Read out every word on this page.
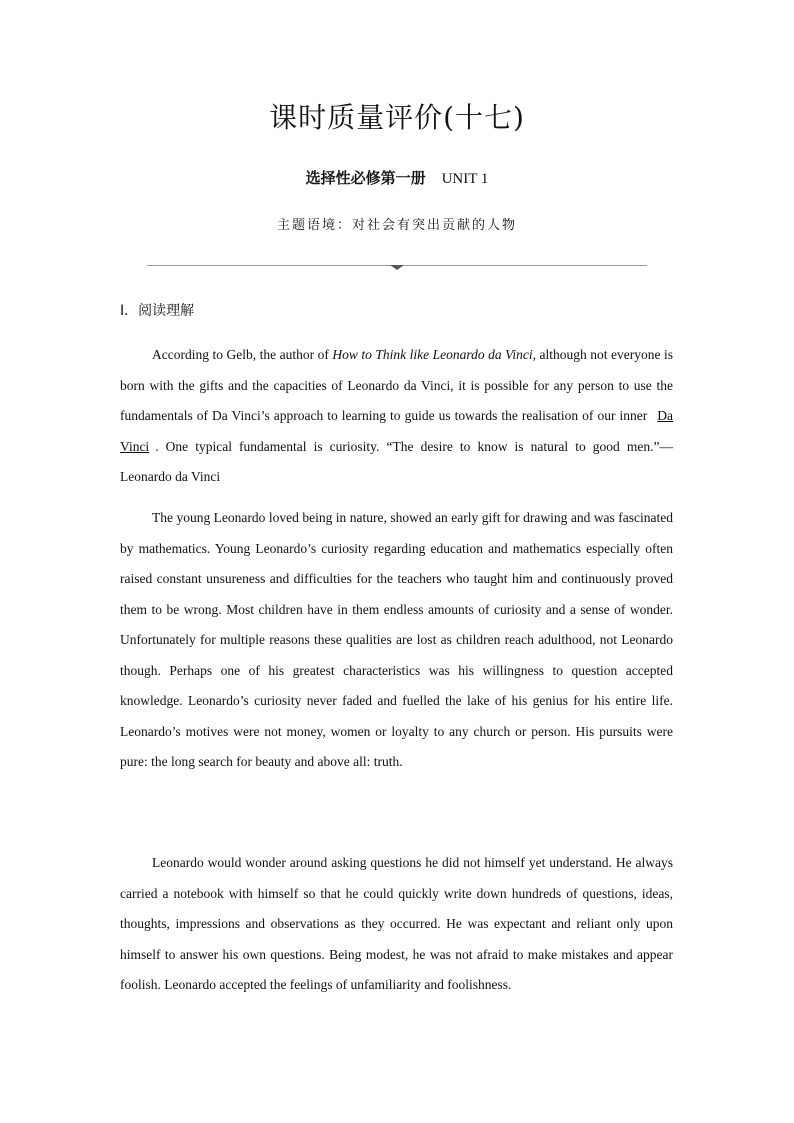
课时质量评价(十七)
选择性必修第一册 UNIT 1
主题语境：对社会有突出贡献的人物
Ⅰ．阅读理解

According to Gelb, the author of How to Think like Leonardo da Vinci, although not everyone is born with the gifts and the capacities of Leonardo da Vinci, it is possible for any person to use the fundamentals of Da Vinci’s approach to learning to guide us towards the realisation of our inner Da Vinci . One typical fundamental is curiosity. “The desire to know is natural to good men.”— Leonardo da Vinci

The young Leonardo loved being in nature, showed an early gift for drawing and was fascinated by mathematics. Young Leonardo’s curiosity regarding education and mathematics especially often raised constant unsureness and difficulties for the teachers who taught him and continuously proved them to be wrong. Most children have in them endless amounts of curiosity and a sense of wonder. Unfortunately for multiple reasons these qualities are lost as children reach adulthood, not Leonardo though. Perhaps one of his greatest characteristics was his willingness to question accepted knowledge. Leonardo’s curiosity never faded and fuelled the lake of his genius for his entire life. Leonardo’s motives were not money, women or loyalty to any church or person. His pursuits were pure: the long search for beauty and above all: truth.

Leonardo would wonder around asking questions he did not himself yet understand. He always carried a notebook with himself so that he could quickly write down hundreds of questions, ideas, thoughts, impressions and observations as they occurred. He was expectant and reliant only upon himself to answer his own questions. Being modest, he was not afraid to make mistakes and appear foolish. Leonardo accepted the feelings of unfamiliarity and foolishness.
